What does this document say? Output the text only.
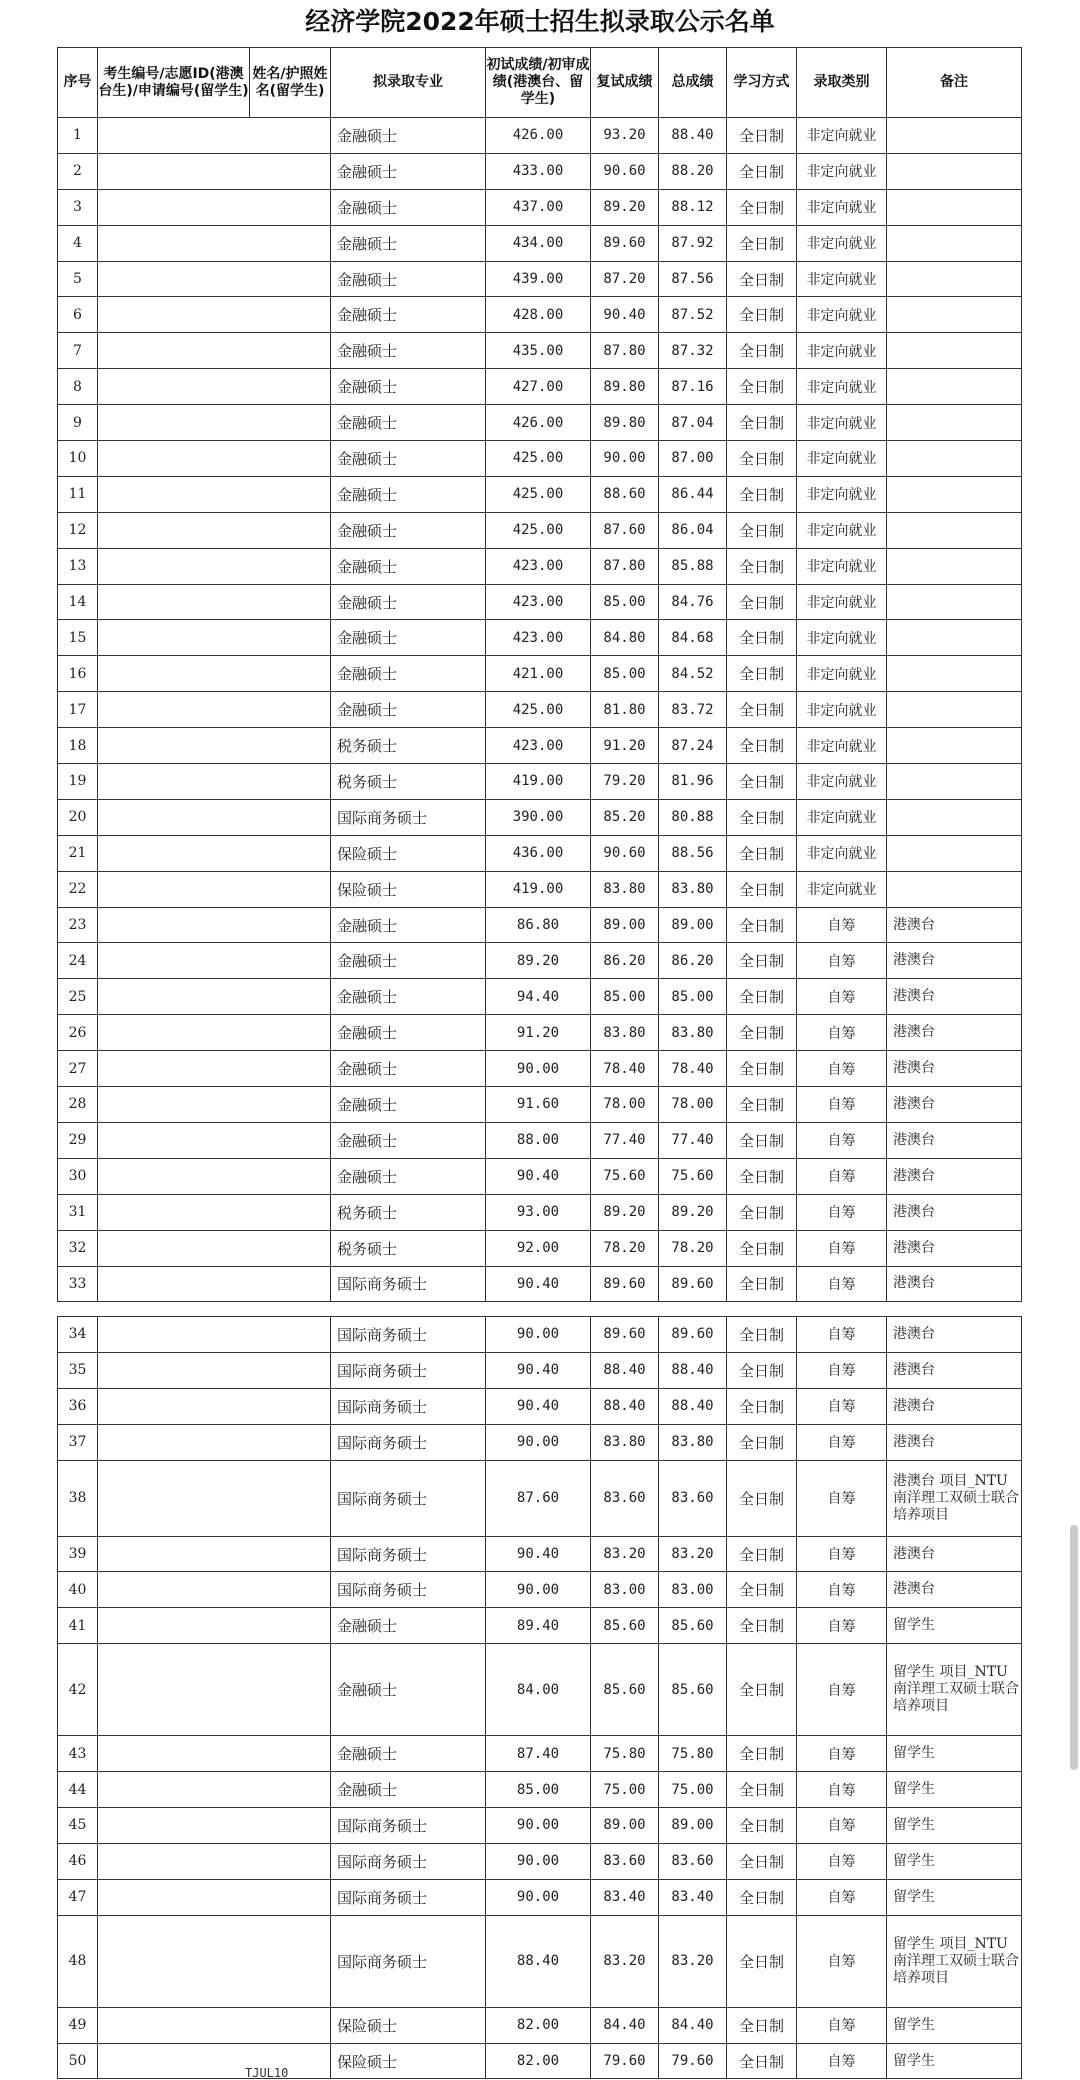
经济学院2022年硕士招生拟录取公示名单
序号	考生编号/志愿ID(港澳台生)/申请编号(留学生)	姓名/护照姓名(留学生)	拟录取专业	初试成绩/初审成绩(港澳台、留学生)	复试成绩	总成绩	学习方式	录取类别	备注
1			金融硕士	426.00	93.20	88.40	全日制	非定向就业	
2			金融硕士	433.00	90.60	88.20	全日制	非定向就业	
3			金融硕士	437.00	89.20	88.12	全日制	非定向就业	
4			金融硕士	434.00	89.60	87.92	全日制	非定向就业	
5			金融硕士	439.00	87.20	87.56	全日制	非定向就业	
6			金融硕士	428.00	90.40	87.52	全日制	非定向就业	
7			金融硕士	435.00	87.80	87.32	全日制	非定向就业	
8			金融硕士	427.00	89.80	87.16	全日制	非定向就业	
9			金融硕士	426.00	89.80	87.04	全日制	非定向就业	
10			金融硕士	425.00	90.00	87.00	全日制	非定向就业	
11			金融硕士	425.00	88.60	86.44	全日制	非定向就业	
12			金融硕士	425.00	87.60	86.04	全日制	非定向就业	
13			金融硕士	423.00	87.80	85.88	全日制	非定向就业	
14			金融硕士	423.00	85.00	84.76	全日制	非定向就业	
15			金融硕士	423.00	84.80	84.68	全日制	非定向就业	
16			金融硕士	421.00	85.00	84.52	全日制	非定向就业	
17			金融硕士	425.00	81.80	83.72	全日制	非定向就业	
18			税务硕士	423.00	91.20	87.24	全日制	非定向就业	
19			税务硕士	419.00	79.20	81.96	全日制	非定向就业	
20			国际商务硕士	390.00	85.20	80.88	全日制	非定向就业	
21			保险硕士	436.00	90.60	88.56	全日制	非定向就业	
22			保险硕士	419.00	83.80	83.80	全日制	非定向就业	
23			金融硕士	86.80	89.00	89.00	全日制	自筹	港澳台
24			金融硕士	89.20	86.20	86.20	全日制	自筹	港澳台
25			金融硕士	94.40	85.00	85.00	全日制	自筹	港澳台
26			金融硕士	91.20	83.80	83.80	全日制	自筹	港澳台
27			金融硕士	90.00	78.40	78.40	全日制	自筹	港澳台
28			金融硕士	91.60	78.00	78.00	全日制	自筹	港澳台
29			金融硕士	88.00	77.40	77.40	全日制	自筹	港澳台
30			金融硕士	90.40	75.60	75.60	全日制	自筹	港澳台
31			税务硕士	93.00	89.20	89.20	全日制	自筹	港澳台
32			税务硕士	92.00	78.20	78.20	全日制	自筹	港澳台
33			国际商务硕士	90.40	89.60	89.60	全日制	自筹	港澳台
34			国际商务硕士	90.00	89.60	89.60	全日制	自筹	港澳台
35			国际商务硕士	90.40	88.40	88.40	全日制	自筹	港澳台
36			国际商务硕士	90.40	88.40	88.40	全日制	自筹	港澳台
37			国际商务硕士	90.00	83.80	83.80	全日制	自筹	港澳台
38			国际商务硕士	87.60	83.60	83.60	全日制	自筹	港澳台 项目_NTU南洋理工双硕士联合培养项目
39			国际商务硕士	90.40	83.20	83.20	全日制	自筹	港澳台
40			国际商务硕士	90.00	83.00	83.00	全日制	自筹	港澳台
41			金融硕士	89.40	85.60	85.60	全日制	自筹	留学生
42			金融硕士	84.00	85.60	85.60	全日制	自筹	留学生 项目_NTU南洋理工双硕士联合培养项目
43			金融硕士	87.40	75.80	75.80	全日制	自筹	留学生
44			金融硕士	85.00	75.00	75.00	全日制	自筹	留学生
45			国际商务硕士	90.00	89.00	89.00	全日制	自筹	留学生
46			国际商务硕士	90.00	83.60	83.60	全日制	自筹	留学生
47			国际商务硕士	90.00	83.40	83.40	全日制	自筹	留学生
48			国际商务硕士	88.40	83.20	83.20	全日制	自筹	留学生 项目_NTU南洋理工双硕士联合培养项目
49			保险硕士	82.00	84.40	84.40	全日制	自筹	留学生
50			保险硕士	82.00	79.60	79.60	全日制	自筹	留学生
TJUL10
